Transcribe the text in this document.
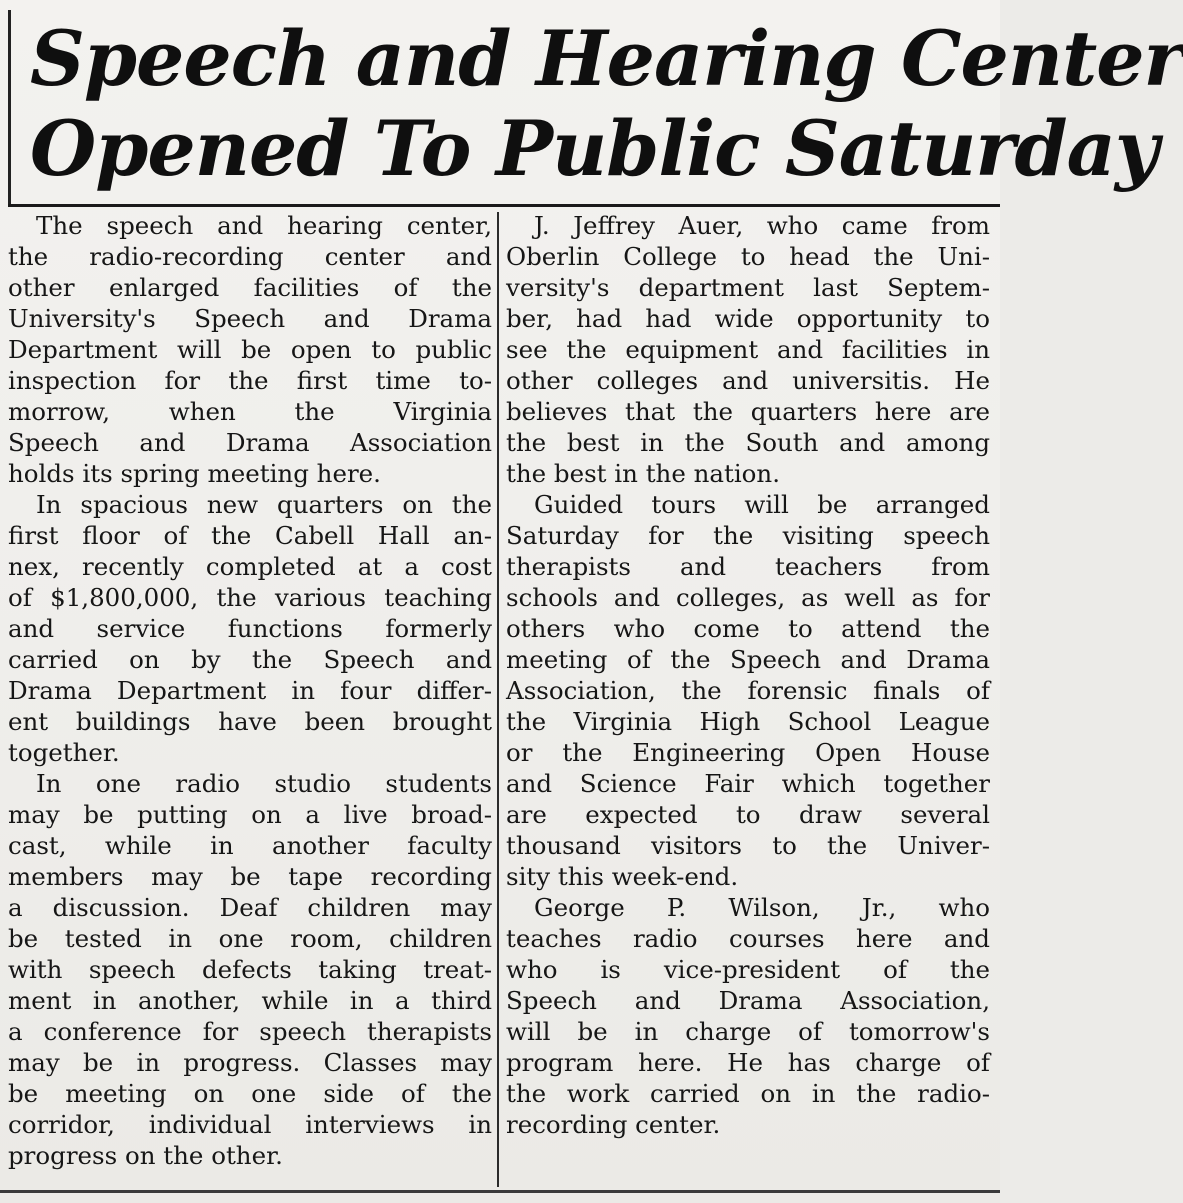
Speech and Hearing Center
Opened To Public Saturday
The speech and hearing center,
the radio-recording center and
other enlarged facilities of the
University's Speech and Drama
Department will be open to public
inspection for the first time to-
morrow, when the Virginia
Speech and Drama Association
holds its spring meeting here.
In spacious new quarters on the
first floor of the Cabell Hall an-
nex, recently completed at a cost
of $1,800,000, the various teaching
and service functions formerly
carried on by the Speech and
Drama Department in four differ-
ent buildings have been brought
together.
In one radio studio students
may be putting on a live broad-
cast, while in another faculty
members may be tape recording
a discussion. Deaf children may
be tested in one room, children
with speech defects taking treat-
ment in another, while in a third
a conference for speech therapists
may be in progress. Classes may
be meeting on one side of the
corridor, individual interviews in
progress on the other.
J. Jeffrey Auer, who came from
Oberlin College to head the Uni-
versity's department last Septem-
ber, had had wide opportunity to
see the equipment and facilities in
other colleges and universitis. He
believes that the quarters here are
the best in the South and among
the best in the nation.
Guided tours will be arranged
Saturday for the visiting speech
therapists and teachers from
schools and colleges, as well as for
others who come to attend the
meeting of the Speech and Drama
Association, the forensic finals of
the Virginia High School League
or the Engineering Open House
and Science Fair which together
are expected to draw several
thousand visitors to the Univer-
sity this week-end.
George P. Wilson, Jr., who
teaches radio courses here and
who is vice-president of the
Speech and Drama Association,
will be in charge of tomorrow's
program here. He has charge of
the work carried on in the radio-
recording center.
